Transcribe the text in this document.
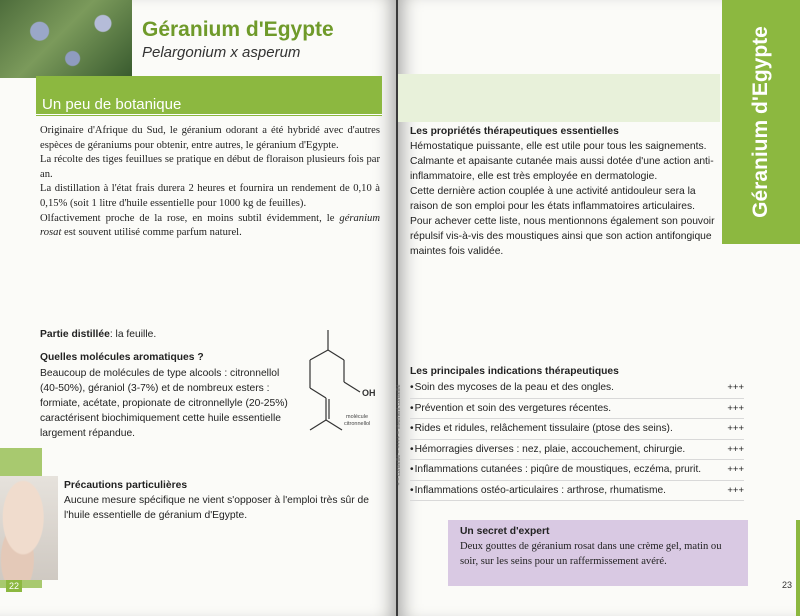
Géranium d'Egypte
Pelargonium x asperum
Un peu de botanique

Originaire d'Afrique du Sud, le géranium odorant a été hybridé avec d'autres espèces de géraniums pour obtenir, entre autres, le géranium d'Egypte.

La récolte des tiges feuillues se pratique en début de floraison plusieurs fois par an.

La distillation à l'état frais durera 2 heures et fournira un rendement de 0,10 à 0,15% (soit 1 litre d'huile essentielle pour 1000 kg de feuilles).

Olfactivement proche de la rose, en moins subtil évidemment, le géranium rosat est souvent utilisé comme parfum naturel.

Partie distillée: la feuille.
Quelles molécules aromatiques ?
Beaucoup de molécules de type alcools : citronnellol (40-50%), géraniol (3-7%) et de nombreux esters : formiate, acétate, propionate de citronnellyle (20-25%) caractérisent biochimiquement cette huile essentielle largement répandue.
OH
molécule
citronnellol
Précautions particulières
Aucune mesure spécifique ne vient s'opposer à l'emploi très sûr de l'huile essentielle de géranium d'Egypte.
22
Géranium d'Egypte
Les propriétés thérapeutiques essentielles
Hémostatique puissante, elle est utile pour tous les saignements.
Calmante et apaisante cutanée mais aussi dotée d'une action anti-inflammatoire, elle est très employée en dermatologie.
Cette dernière action couplée à une activité antidouleur sera la raison de son emploi pour les états inflammatoires articulaires.
Pour achever cette liste, nous mentionnons également son pouvoir répulsif vis-à-vis des moustiques ainsi que son action antifongique maintes fois validée.
Les principales indications thérapeutiques
+ = conseillé – ++++ = vivement conseillé •Soin des mycoses de la peau et des ongles.	+++
•Prévention et soin des vergetures récentes.	+++
•Rides et ridules, relâchement tissulaire (ptose des seins).	+++
•Hémorragies diverses : nez, plaie, accouchement, chirurgie.	+++
•Inflammations cutanées : piqûre de moustiques, eczéma, prurit.	+++
•Inflammations ostéo-articulaires : arthrose, rhumatisme.	+++
Un secret d'expert
Deux gouttes de géranium rosat dans une crème gel, matin ou soir, sur les seins pour un raffermissement avéré.
23
